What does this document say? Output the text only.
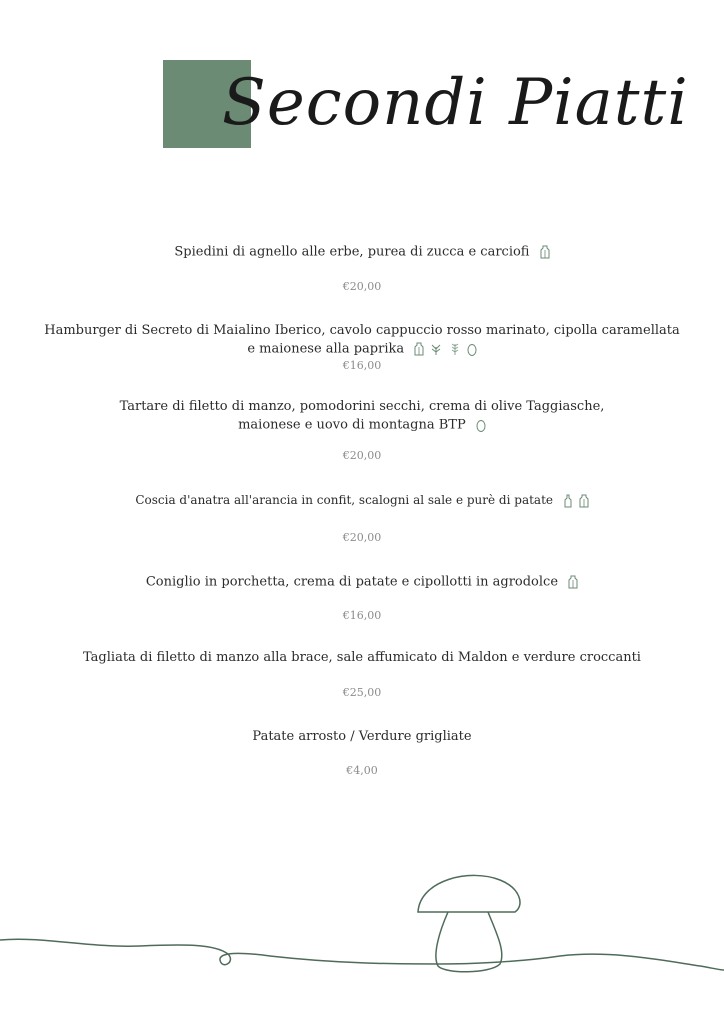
Secondi Piatti
Spiedini di agnello alle erbe, purea di zucca e carciofi
€20,00
Hamburger di Secreto di Maialino Iberico, cavolo cappuccio rosso marinato, cipolla caramellata
e maionese alla paprika
€16,00
Tartare di filetto di manzo, pomodorini secchi, crema di olive Taggiasche,
maionese e uovo di montagna BTP
€20,00
Coscia d'anatra all'arancia in confit, scalogni al sale e purè di patate
€20,00
Coniglio in porchetta, crema di patate e cipollotti in agrodolce
€16,00
Tagliata di filetto di manzo alla brace, sale affumicato di Maldon e verdure croccanti
€25,00
Patate arrosto / Verdure grigliate
€4,00
